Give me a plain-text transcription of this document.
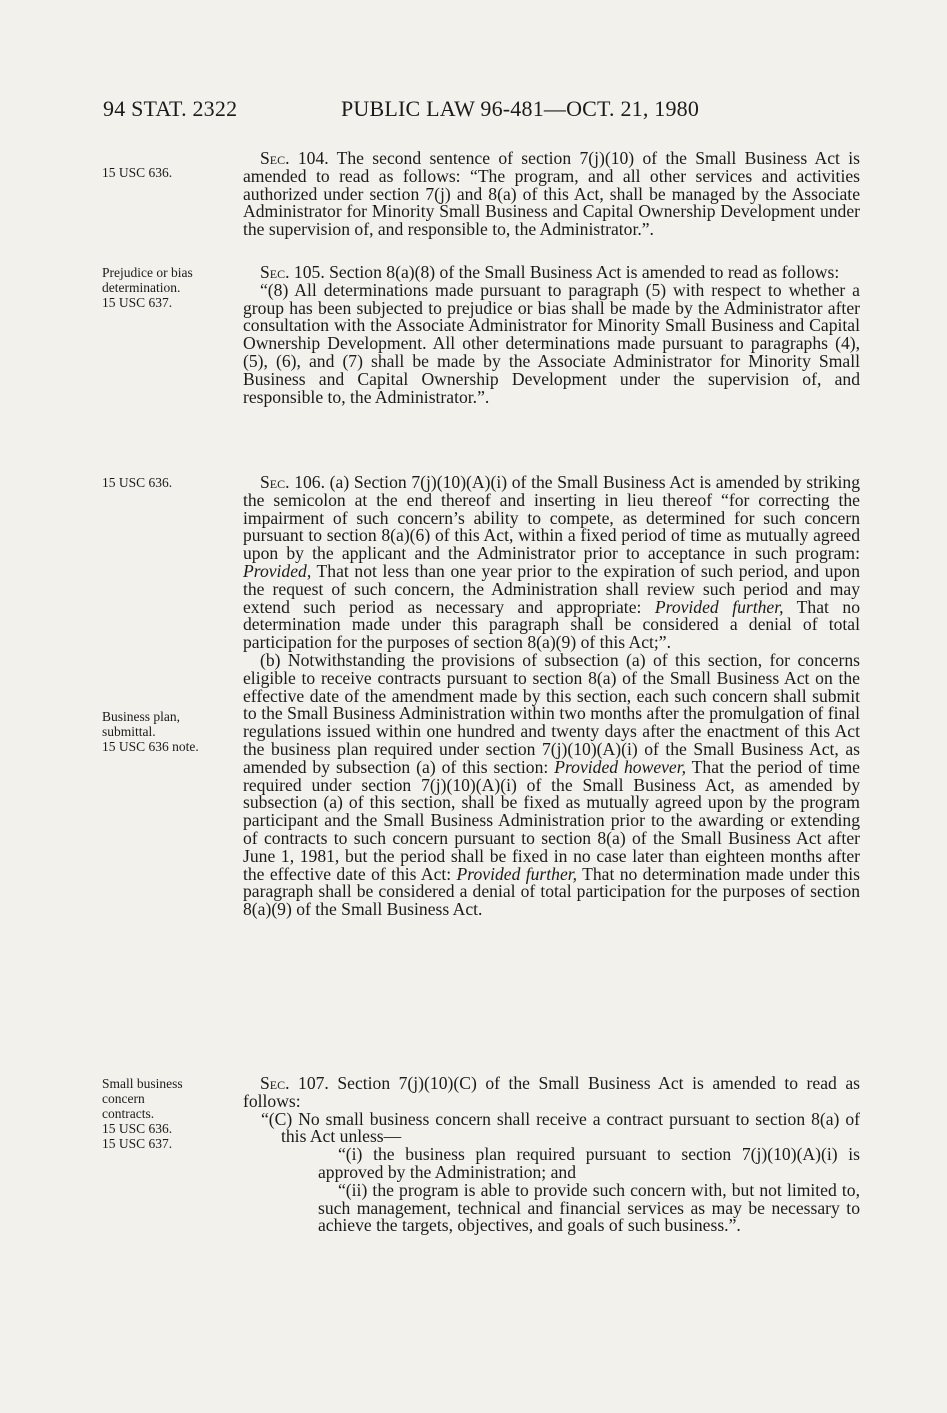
94 STAT. 2322	PUBLIC LAW 96-481—OCT. 21, 1980
15 USC 636.
Prejudice or bias
determination.
15 USC 637.
15 USC 636.
Business plan,
submittal.
15 USC 636 note.
Small business
concern
contracts.
15 USC 636.
15 USC 637.

Sec. 104. The second sentence of section 7(j)(10) of the Small Business Act is amended to read as follows: “The program, and all other services and activities authorized under section 7(j) and 8(a) of this Act, shall be managed by the Associate Administrator for Minority Small Business and Capital Ownership Development under the supervision of, and responsible to, the Administrator.”.

Sec. 105. Section 8(a)(8) of the Small Business Act is amended to read as follows:

“(8) All determinations made pursuant to paragraph (5) with respect to whether a group has been subjected to prejudice or bias shall be made by the Administrator after consultation with the Associate Administrator for Minority Small Business and Capital Ownership Development. All other determinations made pursuant to paragraphs (4), (5), (6), and (7) shall be made by the Associate Administrator for Minority Small Business and Capital Ownership Development under the supervision of, and responsible to, the Administrator.”.

Sec. 106. (a) Section 7(j)(10)(A)(i) of the Small Business Act is amended by striking the semicolon at the end thereof and inserting in lieu thereof “for correcting the impairment of such concern’s ability to compete, as determined for such concern pursuant to section 8(a)(6) of this Act, within a fixed period of time as mutually agreed upon by the applicant and the Administrator prior to acceptance in such program: Provided, That not less than one year prior to the expiration of such period, and upon the request of such concern, the Administration shall review such period and may extend such period as necessary and appropriate: Provided further, That no determination made under this paragraph shall be considered a denial of total participation for the purposes of section 8(a)(9) of this Act;”.

(b) Notwithstanding the provisions of subsection (a) of this section, for concerns eligible to receive contracts pursuant to section 8(a) of the Small Business Act on the effective date of the amendment made by this section, each such concern shall submit to the Small Business Administration within two months after the promulgation of final regulations issued within one hundred and twenty days after the enactment of this Act the business plan required under section 7(j)(10)(A)(i) of the Small Business Act, as amended by subsection (a) of this section: Provided however, That the period of time required under section 7(j)(10)(A)(i) of the Small Business Act, as amended by subsection (a) of this section, shall be fixed as mutually agreed upon by the program participant and the Small Business Administration prior to the awarding or extending of contracts to such concern pursuant to section 8(a) of the Small Business Act after June 1, 1981, but the period shall be fixed in no case later than eighteen months after the effective date of this Act: Provided further, That no determination made under this paragraph shall be considered a denial of total participation for the purposes of section 8(a)(9) of the Small Business Act.

Sec. 107. Section 7(j)(10)(C) of the Small Business Act is amended to read as follows:

“(C) No small business concern shall receive a contract pursuant to section 8(a) of this Act unless—

“(i) the business plan required pursuant to section 7(j)(10)(A)(i) is approved by the Administration; and

“(ii) the program is able to provide such concern with, but not limited to, such management, technical and financial services as may be necessary to achieve the targets, objectives, and goals of such business.”.
